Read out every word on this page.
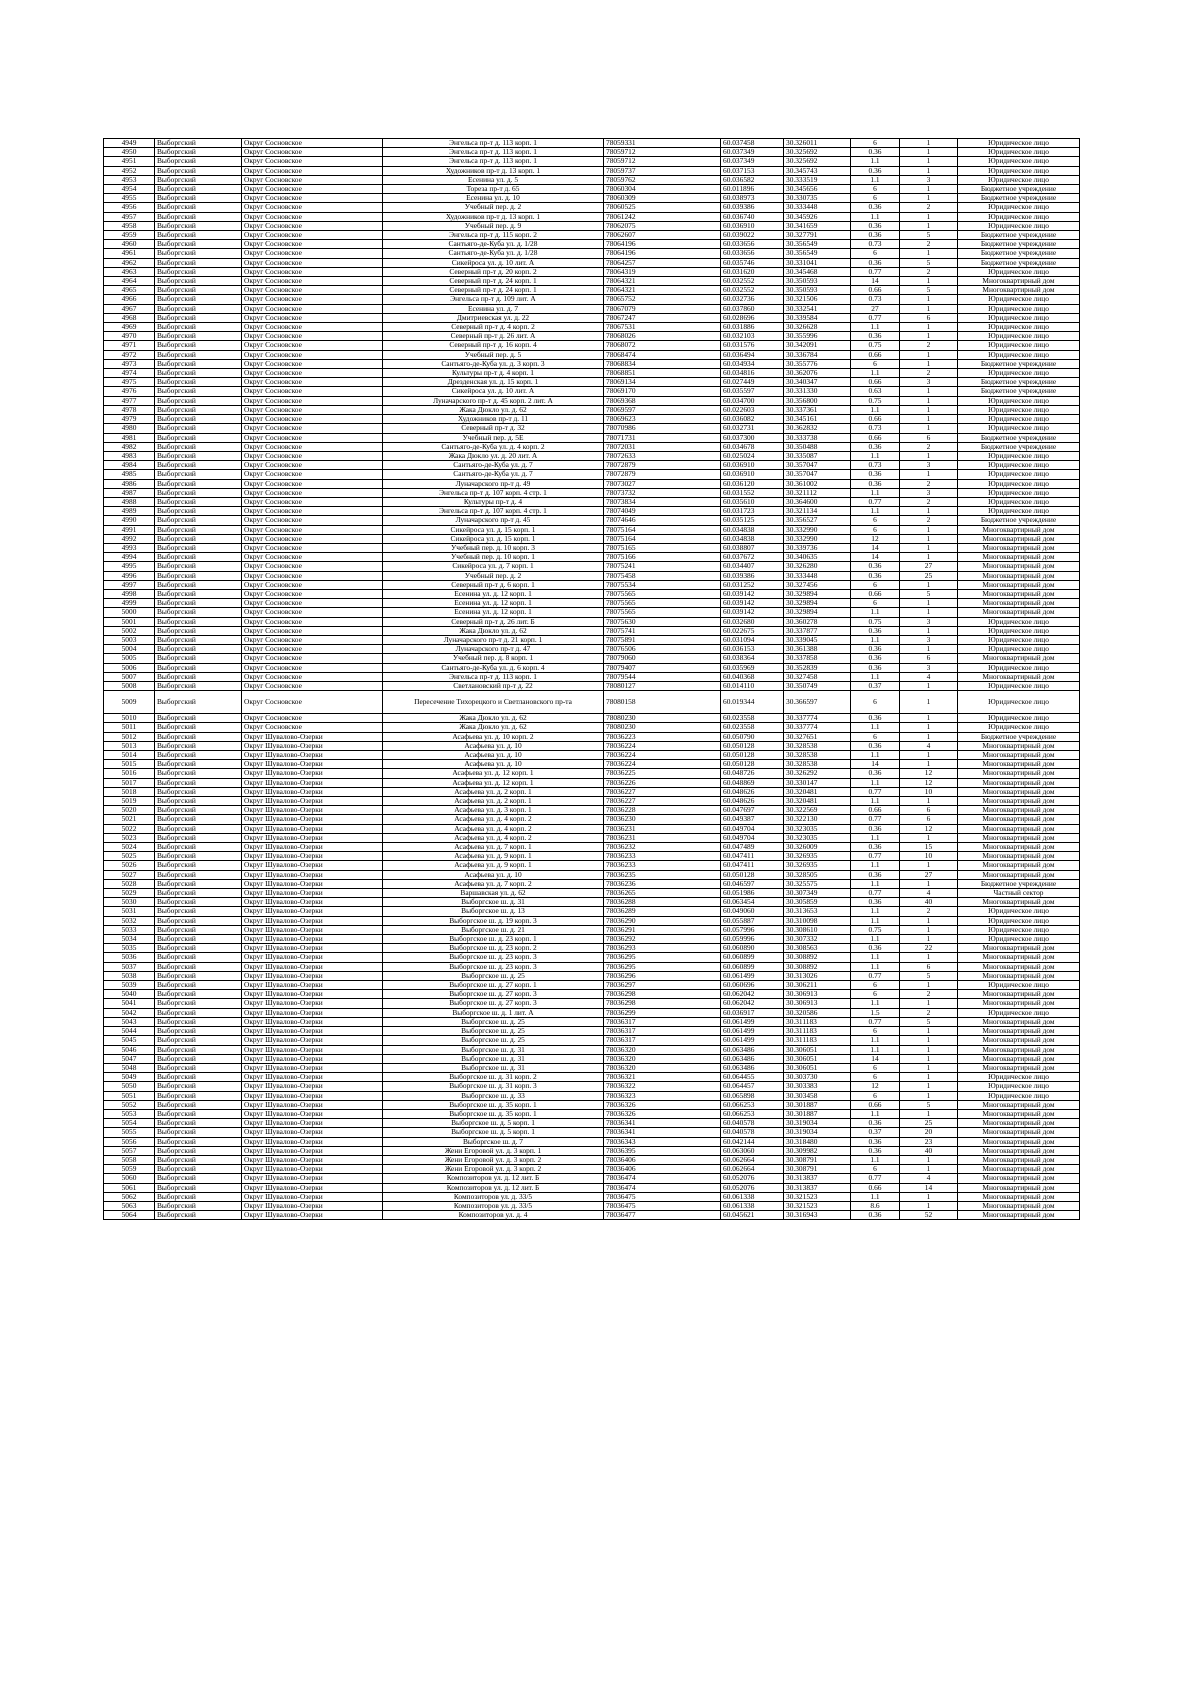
4949	Выборгский	Округ Сосновское	Энгельса пр-т д. 113 корп. 1	78059331	60.037458	30.326011	6	1	Юридическое лицо
4950	Выборгский	Округ Сосновское	Энгельса пр-т д. 113 корп. 1	78059712	60.037349	30.325692	0.36	1	Юридическое лицо
4951	Выборгский	Округ Сосновское	Энгельса пр-т д. 113 корп. 1	78059712	60.037349	30.325692	1.1	1	Юридическое лицо
4952	Выборгский	Округ Сосновское	Художников пр-т д. 13 корп. 1	78059737	60.037153	30.345743	0.36	1	Юридическое лицо
4953	Выборгский	Округ Сосновское	Есенина ул. д. 5	78059762	60.036582	30.333519	1.1	3	Юридическое лицо
4954	Выборгский	Округ Сосновское	Тореза пр-т д. 65	78060304	60.011896	30.345656	6	1	Бюджетное учреждение
4955	Выборгский	Округ Сосновское	Есенина ул. д. 10	78060309	60.038973	30.330735	6	1	Бюджетное учреждение
4956	Выборгский	Округ Сосновское	Учебный пер. д. 2	78060525	60.039386	30.333448	0.36	2	Юридическое лицо
4957	Выборгский	Округ Сосновское	Художников пр-т д. 13 корп. 1	78061242	60.036740	30.345926	1.1	1	Юридическое лицо
4958	Выборгский	Округ Сосновское	Учебный пер. д. 9	78062075	60.036910	30.341659	0.36	1	Юридическое лицо
4959	Выборгский	Округ Сосновское	Энгельса пр-т д. 115 корп. 2	78062607	60.039022	30.327791	0.36	5	Бюджетное учреждение
4960	Выборгский	Округ Сосновское	Сантьяго-де-Куба ул. д. 1/28	78064196	60.033656	30.356549	0.73	2	Бюджетное учреждение
4961	Выборгский	Округ Сосновское	Сантьяго-де-Куба ул. д. 1/28	78064196	60.033656	30.356549	6	1	Бюджетное учреждение
4962	Выборгский	Округ Сосновское	Сикейроса ул. д. 10 лит. А	78064257	60.035746	30.331041	0.36	5	Бюджетное учреждение
4963	Выборгский	Округ Сосновское	Северный пр-т д. 20 корп. 2	78064319	60.031620	30.345468	0.77	2	Юридическое лицо
4964	Выборгский	Округ Сосновское	Северный пр-т д. 24 корп. 1	78064321	60.032552	30.350593	14	1	Многоквартирный дом
4965	Выборгский	Округ Сосновское	Северный пр-т д. 24 корп. 1	78064321	60.032552	30.350593	0.66	5	Многоквартирный дом
4966	Выборгский	Округ Сосновское	Энгельса пр-т д. 109 лит. А	78065752	60.032736	30.321506	0.73	1	Юридическое лицо
4967	Выборгский	Округ Сосновское	Есенина ул. д. 7	78067079	60.037860	30.332541	27	1	Юридическое лицо
4968	Выборгский	Округ Сосновское	Дмитриевская ул. д. 22	78067247	60.028696	30.339584	0.77	6	Юридическое лицо
4969	Выборгский	Округ Сосновское	Северный пр-т д. 4 корп. 2	78067531	60.031886	30.326628	1.1	1	Юридическое лицо
4970	Выборгский	Округ Сосновское	Северный пр-т д. 26 лит. А	78068026	60.032103	30.355996	0.36	1	Юридическое лицо
4971	Выборгский	Округ Сосновское	Северный пр-т д. 16 корп. 4	78068072	60.031576	30.342091	0.75	2	Юридическое лицо
4972	Выборгский	Округ Сосновское	Учебный пер. д. 5	78068474	60.036494	30.336784	0.66	1	Юридическое лицо
4973	Выборгский	Округ Сосновское	Сантьяго-де-Куба ул. д. 3 корп. 3	78068834	60.034934	30.355776	6	1	Бюджетное учреждение
4974	Выборгский	Округ Сосновское	Культуры пр-т д. 4 корп. 1	78068851	60.034816	30.362076	1.1	2	Юридическое лицо
4975	Выборгский	Округ Сосновское	Дрезденская ул. д. 15 корп. 1	78069134	60.027449	30.340347	0.66	3	Бюджетное учреждение
4976	Выборгский	Округ Сосновское	Сикейроса ул. д. 10 лит. А	78069170	60.035597	30.331330	0.63	1	Бюджетное учреждение
4977	Выборгский	Округ Сосновское	Луначарского пр-т д. 45 корп. 2 лит. А	78069368	60.034700	30.356800	0.75	1	Юридическое лицо
4978	Выборгский	Округ Сосновское	Жака Дюкло ул. д. 62	78069597	60.022603	30.337361	1.1	1	Юридическое лицо
4979	Выборгский	Округ Сосновское	Художников пр-т д. 11	78069623	60.036082	30.345161	0.66	1	Юридическое лицо
4980	Выборгский	Округ Сосновское	Северный пр-т д. 32	78070986	60.032731	30.362832	0.73	1	Юридическое лицо
4981	Выборгский	Округ Сосновское	Учебный пер. д. 5Е	78071731	60.037300	30.333738	0.66	6	Бюджетное учреждение
4982	Выборгский	Округ Сосновское	Сантьяго-де-Куба ул. д. 4 корп. 2	78072031	60.034678	30.350488	0.36	2	Бюджетное учреждение
4983	Выборгский	Округ Сосновское	Жака Дюкло ул. д. 20 лит. А	78072633	60.025024	30.335087	1.1	1	Юридическое лицо
4984	Выборгский	Округ Сосновское	Сантьяго-де-Куба ул. д. 7	78072879	60.036910	30.357047	0.73	3	Юридическое лицо
4985	Выборгский	Округ Сосновское	Сантьяго-де-Куба ул. д. 7	78072879	60.036910	30.357047	0.36	1	Юридическое лицо
4986	Выборгский	Округ Сосновское	Луначарского пр-т д. 49	78073027	60.036120	30.361002	0.36	2	Юридическое лицо
4987	Выборгский	Округ Сосновское	Энгельса пр-т д. 107 корп. 4 стр. 1	78073732	60.031552	30.321112	1.1	3	Юридическое лицо
4988	Выборгский	Округ Сосновское	Культуры пр-т д. 4	78073834	60.035610	30.364600	0.77	2	Юридическое лицо
4989	Выборгский	Округ Сосновское	Энгельса пр-т д. 107 корп. 4 стр. 1	78074049	60.031723	30.321134	1.1	1	Юридическое лицо
4990	Выборгский	Округ Сосновское	Луначарского пр-т д. 45	78074646	60.035125	30.356527	6	2	Бюджетное учреждение
4991	Выборгский	Округ Сосновское	Сикейроса ул. д. 15 корп. 1	78075164	60.034838	30.332990	6	1	Многоквартирный дом
4992	Выборгский	Округ Сосновское	Сикейроса ул. д. 15 корп. 1	78075164	60.034838	30.332990	12	1	Многоквартирный дом
4993	Выборгский	Округ Сосновское	Учебный пер. д. 10 корп. 3	78075165	60.038807	30.339736	14	1	Многоквартирный дом
4994	Выборгский	Округ Сосновское	Учебный пер. д. 10 корп. 1	78075166	60.037672	30.340635	14	1	Многоквартирный дом
4995	Выборгский	Округ Сосновское	Сикейроса ул. д. 7 корп. 1	78075241	60.034407	30.326280	0.36	27	Многоквартирный дом
4996	Выборгский	Округ Сосновское	Учебный пер. д. 2	78075458	60.039386	30.333448	0.36	25	Многоквартирный дом
4997	Выборгский	Округ Сосновское	Северный пр-т д. 6 корп. 1	78075534	60.031252	30.327456	6	1	Многоквартирный дом
4998	Выборгский	Округ Сосновское	Есенина ул. д. 12 корп. 1	78075565	60.039142	30.329894	0.66	5	Многоквартирный дом
4999	Выборгский	Округ Сосновское	Есенина ул. д. 12 корп. 1	78075565	60.039142	30.329894	6	1	Многоквартирный дом
5000	Выборгский	Округ Сосновское	Есенина ул. д. 12 корп. 1	78075565	60.039142	30.329894	1.1	1	Многоквартирный дом
5001	Выборгский	Округ Сосновское	Северный пр-т д. 26 лит. Б	78075630	60.032680	30.360278	0.75	3	Юридическое лицо
5002	Выборгский	Округ Сосновское	Жака Дюкло ул. д. 62	78075741	60.022675	30.337877	0.36	1	Юридическое лицо
5003	Выборгский	Округ Сосновское	Луначарского пр-т д. 21 корп. 1	78075891	60.031094	30.339045	1.1	3	Юридическое лицо
5004	Выборгский	Округ Сосновское	Луначарского пр-т д. 47	78076506	60.036153	30.361388	0.36	1	Юридическое лицо
5005	Выборгский	Округ Сосновское	Учебный пер. д. 8 корп. 1	78079060	60.038364	30.337858	0.36	6	Многоквартирный дом
5006	Выборгский	Округ Сосновское	Сантьяго-де-Куба ул. д. 6 корп. 4	78079407	60.035969	30.352839	0.36	3	Юридическое лицо
5007	Выборгский	Округ Сосновское	Энгельса пр-т д. 113 корп. 1	78079544	60.040368	30.327458	1.1	4	Многоквартирный дом
5008	Выборгский	Округ Сосновское	Светлановский пр-т д. 22	78080127	60.014110	30.350749	0.37	1	Юридическое лицо
5009	Выборгский	Округ Сосновское	Пересечение Тихорецкого и Светлановского пр-та	78080158	60.019344	30.366597	6	1	Юридическое лицо
5010	Выборгский	Округ Сосновское	Жака Дюкло ул. д. 62	78080230	60.023558	30.337774	0.36	1	Юридическое лицо
5011	Выборгский	Округ Сосновское	Жака Дюкло ул. д. 62	78080230	60.023558	30.337774	1.1	1	Юридическое лицо
5012	Выборгский	Округ Шувалово-Озерки	Асафьева ул. д. 10 корп. 2	78036223	60.050790	30.327651	6	1	Бюджетное учреждение
5013	Выборгский	Округ Шувалово-Озерки	Асафьева ул. д. 10	78036224	60.050128	30.328538	0.36	4	Многоквартирный дом
5014	Выборгский	Округ Шувалово-Озерки	Асафьева ул. д. 10	78036224	60.050128	30.328538	1.1	1	Многоквартирный дом
5015	Выборгский	Округ Шувалово-Озерки	Асафьева ул. д. 10	78036224	60.050128	30.328538	14	1	Многоквартирный дом
5016	Выборгский	Округ Шувалово-Озерки	Асафьева ул. д. 12 корп. 1	78036225	60.048726	30.326292	0.36	12	Многоквартирный дом
5017	Выборгский	Округ Шувалово-Озерки	Асафьева ул. д. 12 корп. 1	78036226	60.048869	30.330147	1.1	12	Многоквартирный дом
5018	Выборгский	Округ Шувалово-Озерки	Асафьева ул. д. 2 корп. 1	78036227	60.048626	30.320481	0.77	10	Многоквартирный дом
5019	Выборгский	Округ Шувалово-Озерки	Асафьева ул. д. 2 корп. 1	78036227	60.048626	30.320481	1.1	1	Многоквартирный дом
5020	Выборгский	Округ Шувалово-Озерки	Асафьева ул. д. 3 корп. 1	78036228	60.047697	30.322569	0.66	6	Многоквартирный дом
5021	Выборгский	Округ Шувалово-Озерки	Асафьева ул. д. 4 корп. 2	78036230	60.049387	30.322130	0.77	6	Многоквартирный дом
5022	Выборгский	Округ Шувалово-Озерки	Асафьева ул. д. 4 корп. 2	78036231	60.049704	30.323035	0.36	12	Многоквартирный дом
5023	Выборгский	Округ Шувалово-Озерки	Асафьева ул. д. 4 корп. 2	78036231	60.049704	30.323035	1.1	1	Многоквартирный дом
5024	Выборгский	Округ Шувалово-Озерки	Асафьева ул. д. 7 корп. 1	78036232	60.047489	30.326009	0.36	15	Многоквартирный дом
5025	Выборгский	Округ Шувалово-Озерки	Асафьева ул. д. 9 корп. 1	78036233	60.047411	30.326935	0.77	10	Многоквартирный дом
5026	Выборгский	Округ Шувалово-Озерки	Асафьева ул. д. 9 корп. 1	78036233	60.047411	30.326935	1.1	1	Многоквартирный дом
5027	Выборгский	Округ Шувалово-Озерки	Асафьева ул. д. 10	78036235	60.050128	30.328505	0.36	27	Многоквартирный дом
5028	Выборгский	Округ Шувалово-Озерки	Асафьева ул. д. 7 корп. 2	78036236	60.046597	30.325575	1.1	1	Бюджетное учреждение
5029	Выборгский	Округ Шувалово-Озерки	Варшавская ул. д. 62	78036265	60.051986	30.307349	0.77	4	Частный сектор
5030	Выборгский	Округ Шувалово-Озерки	Выборгское ш. д. 31	78036288	60.063454	30.305859	0.36	40	Многоквартирный дом
5031	Выборгский	Округ Шувалово-Озерки	Выборгское ш. д. 13	78036289	60.049060	30.313653	1.1	2	Юридическое лицо
5032	Выборгский	Округ Шувалово-Озерки	Выборгское ш. д. 19 корп. 3	78036290	60.055887	30.310098	1.1	1	Юридическое лицо
5033	Выборгский	Округ Шувалово-Озерки	Выборгское ш. д. 21	78036291	60.057996	30.308610	0.75	1	Юридическое лицо
5034	Выборгский	Округ Шувалово-Озерки	Выборгское ш. д. 23 корп. 1	78036292	60.059996	30.307332	1.1	1	Юридическое лицо
5035	Выборгский	Округ Шувалово-Озерки	Выборгское ш. д. 23 корп. 2	78036293	60.060890	30.308563	0.36	22	Многоквартирный дом
5036	Выборгский	Округ Шувалово-Озерки	Выборгское ш. д. 23 корп. 3	78036295	60.060899	30.308892	1.1	1	Многоквартирный дом
5037	Выборгский	Округ Шувалово-Озерки	Выборгское ш. д. 23 корп. 3	78036295	60.060899	30.308892	1.1	6	Многоквартирный дом
5038	Выборгский	Округ Шувалово-Озерки	Выборгское ш. д. 25	78036296	60.061499	30.313026	0.77	5	Многоквартирный дом
5039	Выборгский	Округ Шувалово-Озерки	Выборгское ш. д. 27 корп. 1	78036297	60.060696	30.306211	6	1	Юридическое лицо
5040	Выборгский	Округ Шувалово-Озерки	Выборгское ш. д. 27 корп. 3	78036298	60.062042	30.306913	6	2	Многоквартирный дом
5041	Выборгский	Округ Шувалово-Озерки	Выборгское ш. д. 27 корп. 3	78036298	60.062042	30.306913	1.1	1	Многоквартирный дом
5042	Выборгский	Округ Шувалово-Озерки	Выборгское ш. д. 1 лит. А	78036299	60.036917	30.320586	1.5	2	Юридическое лицо
5043	Выборгский	Округ Шувалово-Озерки	Выборгское ш. д. 25	78036317	60.061499	30.311183	0.77	5	Многоквартирный дом
5044	Выборгский	Округ Шувалово-Озерки	Выборгское ш. д. 25	78036317	60.061499	30.311183	6	1	Многоквартирный дом
5045	Выборгский	Округ Шувалово-Озерки	Выборгское ш. д. 25	78036317	60.061499	30.311183	1.1	1	Многоквартирный дом
5046	Выборгский	Округ Шувалово-Озерки	Выборгское ш. д. 31	78036320	60.063486	30.306051	1.1	1	Многоквартирный дом
5047	Выборгский	Округ Шувалово-Озерки	Выборгское ш. д. 31	78036320	60.063486	30.306051	14	1	Многоквартирный дом
5048	Выборгский	Округ Шувалово-Озерки	Выборгское ш. д. 31	78036320	60.063486	30.306051	6	1	Многоквартирный дом
5049	Выборгский	Округ Шувалово-Озерки	Выборгское ш. д. 31 корп. 2	78036321	60.064455	30.303730	6	1	Юридическое лицо
5050	Выборгский	Округ Шувалово-Озерки	Выборгское ш. д. 31 корп. 3	78036322	60.064457	30.303383	12	1	Юридическое лицо
5051	Выборгский	Округ Шувалово-Озерки	Выборгское ш. д. 33	78036323	60.065898	30.303458	6	1	Юридическое лицо
5052	Выборгский	Округ Шувалово-Озерки	Выборгское ш. д. 35 корп. 1	78036326	60.066253	30.301887	0.66	5	Многоквартирный дом
5053	Выборгский	Округ Шувалово-Озерки	Выборгское ш. д. 35 корп. 1	78036326	60.066253	30.301887	1.1	1	Многоквартирный дом
5054	Выборгский	Округ Шувалово-Озерки	Выборгское ш. д. 5 корп. 1	78036341	60.040578	30.319034	0.36	25	Многоквартирный дом
5055	Выборгский	Округ Шувалово-Озерки	Выборгское ш. д. 5 корп. 1	78036341	60.040578	30.319034	0.37	20	Многоквартирный дом
5056	Выборгский	Округ Шувалово-Озерки	Выборгское ш. д. 7	78036343	60.042144	30.318480	0.36	23	Многоквартирный дом
5057	Выборгский	Округ Шувалово-Озерки	Жени Егоровой ул. д. 3 корп. 1	78036395	60.063060	30.309982	0.36	40	Многоквартирный дом
5058	Выборгский	Округ Шувалово-Озерки	Жени Егоровой ул. д. 3 корп. 2	78036406	60.062664	30.308791	1.1	1	Многоквартирный дом
5059	Выборгский	Округ Шувалово-Озерки	Жени Егоровой ул. д. 3 корп. 2	78036406	60.062664	30.308791	6	1	Многоквартирный дом
5060	Выборгский	Округ Шувалово-Озерки	Композиторов ул. д. 12 лит. Б	78036474	60.052076	30.313837	0.77	4	Многоквартирный дом
5061	Выборгский	Округ Шувалово-Озерки	Композиторов ул. д. 12 лит. Б	78036474	60.052076	30.313837	0.66	14	Многоквартирный дом
5062	Выборгский	Округ Шувалово-Озерки	Композиторов ул. д. 33/5	78036475	60.061338	30.321523	1.1	1	Многоквартирный дом
5063	Выборгский	Округ Шувалово-Озерки	Композиторов ул. д. 33/5	78036475	60.061338	30.321523	8.6	1	Многоквартирный дом
5064	Выборгский	Округ Шувалово-Озерки	Композиторов ул. д. 4	78036477	60.045621	30.316943	0.36	52	Многоквартирный дом
